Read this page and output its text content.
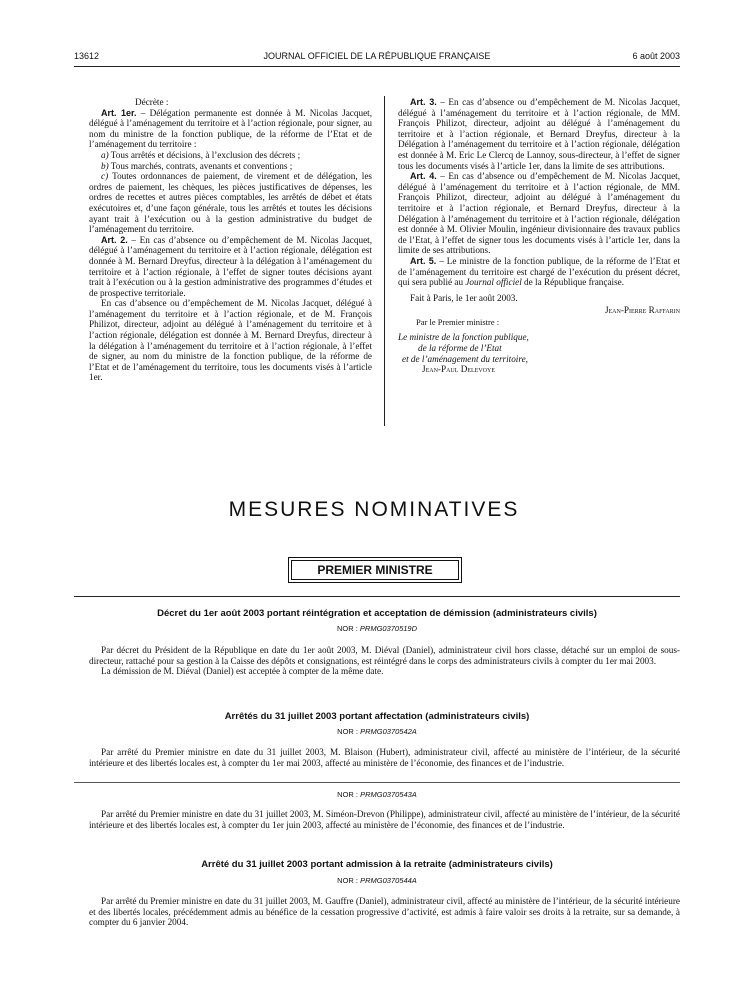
13612	JOURNAL OFFICIEL DE LA RÉPUBLIQUE FRANÇAISE	6 août 2003

Décrète :

Art. 1er. – Délégation permanente est donnée à M. Nicolas Jacquet, délégué à l’aménagement du territoire et à l’action régionale, pour signer, au nom du ministre de la fonction publique, de la réforme de l’Etat et de l’aménagement du territoire :

a) Tous arrêtés et décisions, à l’exclusion des décrets ;

b) Tous marchés, contrats, avenants et conventions ;

c) Toutes ordonnances de paiement, de virement et de délégation, les ordres de paiement, les chèques, les pièces justificatives de dépenses, les ordres de recettes et autres pièces comptables, les arrêtés de débet et états exécutoires et, d’une façon générale, tous les arrêtés et toutes les décisions ayant trait à l’exécution ou à la gestion administrative du budget de l’aménagement du territoire.

Art. 2. – En cas d’absence ou d’empêchement de M. Nicolas Jacquet, délégué à l’aménagement du territoire et à l’action régionale, délégation est donnée à M. Bernard Dreyfus, directeur à la délégation à l’aménagement du territoire et à l’action régionale, à l’effet de signer toutes décisions ayant trait à l’exécution ou à la gestion administrative des programmes d’études et de prospective territoriale.

En cas d’absence ou d’empêchement de M. Nicolas Jacquet, délégué à l’aménagement du territoire et à l’action régionale, et de M. François Philizot, directeur, adjoint au délégué à l’aménagement du territoire et à l’action régionale, délégation est donnée à M. Bernard Dreyfus, directeur à la délégation à l’aménagement du territoire et à l’action régionale, à l’effet de signer, au nom du ministre de la fonction publique, de la réforme de l’Etat et de l’aménagement du territoire, tous les documents visés à l’article 1er.

Art. 3. – En cas d’absence ou d’empêchement de M. Nicolas Jacquet, délégué à l’aménagement du territoire et à l’action régionale, de MM. François Philizot, directeur, adjoint au délégué à l’aménagement du territoire et à l’action régionale, et Bernard Dreyfus, directeur à la Délégation à l’aménagement du territoire et à l’action régionale, délégation est donnée à M. Eric Le Clercq de Lannoy, sous-directeur, à l’effet de signer tous les documents visés à l’article 1er, dans la limite de ses attributions.

Art. 4. – En cas d’absence ou d’empêchement de M. Nicolas Jacquet, délégué à l’aménagement du territoire et à l’action régionale, de MM. François Philizot, directeur, adjoint au délégué à l’aménagement du territoire et à l’action régionale, et Bernard Dreyfus, directeur à la Délégation à l’aménagement du territoire et à l’action régionale, délégation est donnée à M. Olivier Moulin, ingénieur divisionnaire des travaux publics de l’Etat, à l’effet de signer tous les documents visés à l’article 1er, dans la limite de ses attributions.

Art. 5. – Le ministre de la fonction publique, de la réforme de l’Etat et de l’aménagement du territoire est chargé de l’exécution du présent décret, qui sera publié au Journal officiel de la République française.

Fait à Paris, le 1er août 2003.

Jean-Pierre Raffarin

Par le Premier ministre :

Le ministre de la fonction publique,

de la réforme de l’Etat

et de l’aménagement du territoire,

Jean-Paul Delevoye

MESURES NOMINATIVES
PREMIER MINISTRE
Décret du 1er août 2003 portant réintégration et acceptation de démission (administrateurs civils)
NOR : PRMG0370519D

Par décret du Président de la République en date du 1er août 2003, M. Diéval (Daniel), administrateur civil hors classe, détaché sur un emploi de sous-directeur, rattaché pour sa gestion à la Caisse des dépôts et consignations, est réintégré dans le corps des administrateurs civils à compter du 1er mai 2003.

La démission de M. Diéval (Daniel) est acceptée à compter de la même date.

Arrêtés du 31 juillet 2003 portant affectation (administrateurs civils)
NOR : PRMG0370542A

Par arrêté du Premier ministre en date du 31 juillet 2003, M. Blaison (Hubert), administrateur civil, affecté au ministère de l’intérieur, de la sécurité intérieure et des libertés locales est, à compter du 1er mai 2003, affecté au ministère de l’économie, des finances et de l’industrie.

NOR : PRMG0370543A

Par arrêté du Premier ministre en date du 31 juillet 2003, M. Siméon-Drevon (Philippe), administrateur civil, affecté au ministère de l’intérieur, de la sécurité intérieure et des libertés locales est, à compter du 1er juin 2003, affecté au ministère de l’économie, des finances et de l’industrie.

Arrêté du 31 juillet 2003 portant admission à la retraite (administrateurs civils)
NOR : PRMG0370544A

Par arrêté du Premier ministre en date du 31 juillet 2003, M. Gauffre (Daniel), administrateur civil, affecté au ministère de l’intérieur, de la sécurité intérieure et des libertés locales, précédemment admis au bénéfice de la cessation progressive d’activité, est admis à faire valoir ses droits à la retraite, sur sa demande, à compter du 6 janvier 2004.
